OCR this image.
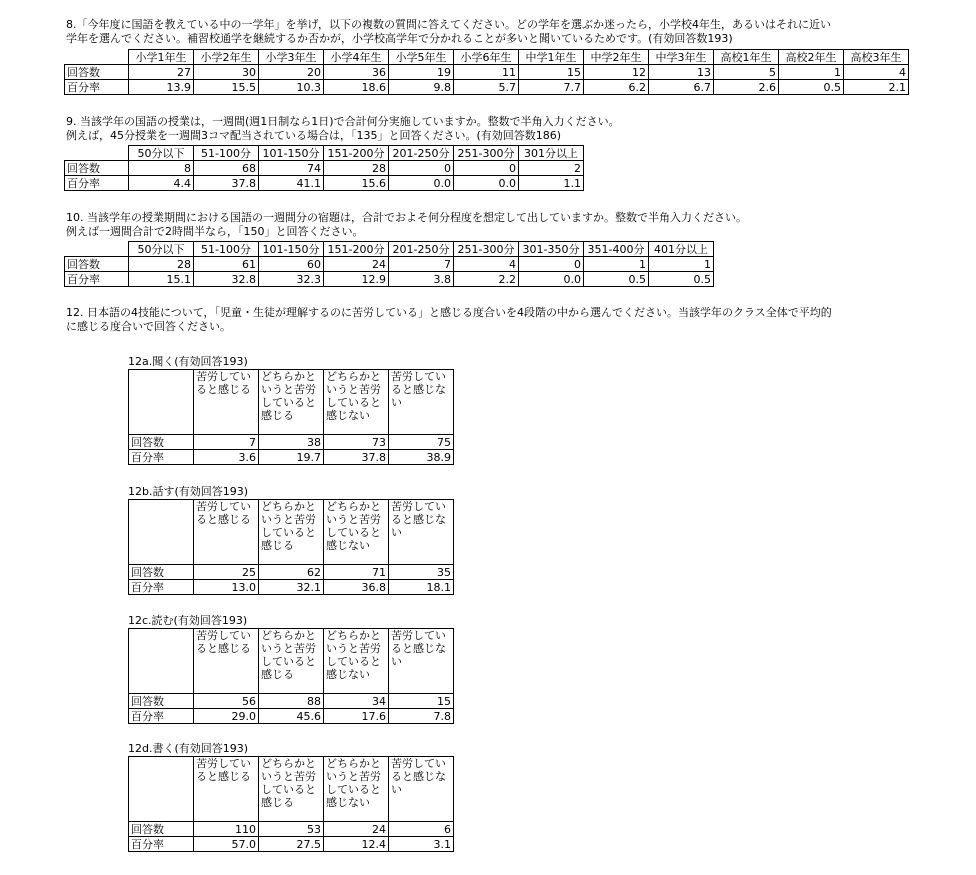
8.「今年度に国語を教えている中の一学年」を挙げ，以下の複数の質問に答えてください。どの学年を選ぶか迷ったら，小学校4年生，あるいはそれに近い
学年を選んでください。補習校通学を継続するか否かが，小学校高学年で分かれることが多いと聞いているためです。(有効回答数193)
	小学1年生	小学2年生	小学3年生	小学4年生	小学5年生	小学6年生	中学1年生	中学2年生	中学3年生	高校1年生	高校2年生	高校3年生
回答数	27	30	20	36	19	11	15	12	13	5	1	4
百分率	13.9	15.5	10.3	18.6	9.8	5.7	7.7	6.2	6.7	2.6	0.5	2.1
9. 当該学年の国語の授業は，一週間(週1日制なら1日)で合計何分実施していますか。整数で半角入力ください。
例えば，45分授業を一週間3コマ配当されている場合は，「135」と回答ください。(有効回答数186)
	50分以下	51-100分	101-150分	151-200分	201-250分	251-300分	301分以上
回答数	8	68	74	28	0	0	2
百分率	4.4	37.8	41.1	15.6	0.0	0.0	1.1
10. 当該学年の授業期間における国語の一週間分の宿題は，合計でおよそ何分程度を想定して出していますか。整数で半角入力ください。
例えば一週間合計で2時間半なら，「150」と回答ください。
	50分以下	51-100分	101-150分	151-200分	201-250分	251-300分	301-350分	351-400分	401分以上
回答数	28	61	60	24	7	4	0	1	1
百分率	15.1	32.8	32.3	12.9	3.8	2.2	0.0	0.5	0.5
12. 日本語の4技能について，「児童・生徒が理解するのに苦労している」と感じる度合いを4段階の中から選んでください。当該学年のクラス全体で平均的
に感じる度合いで回答ください。
12a.聞く(有効回答193)
	苦労していると感じる	どちらかというと苦労していると感じる	どちらかというと苦労していると感じない	苦労していると感じない
回答数	7	38	73	75
百分率	3.6	19.7	37.8	38.9
12b.話す(有効回答193)
	苦労していると感じる	どちらかというと苦労していると感じる	どちらかというと苦労していると感じない	苦労していると感じない
回答数	25	62	71	35
百分率	13.0	32.1	36.8	18.1
12c.読む(有効回答193)
	苦労していると感じる	どちらかというと苦労していると感じる	どちらかというと苦労していると感じない	苦労していると感じない
回答数	56	88	34	15
百分率	29.0	45.6	17.6	7.8
12d.書く(有効回答193)
	苦労していると感じる	どちらかというと苦労していると感じる	どちらかというと苦労していると感じない	苦労していると感じない
回答数	110	53	24	6
百分率	57.0	27.5	12.4	3.1
